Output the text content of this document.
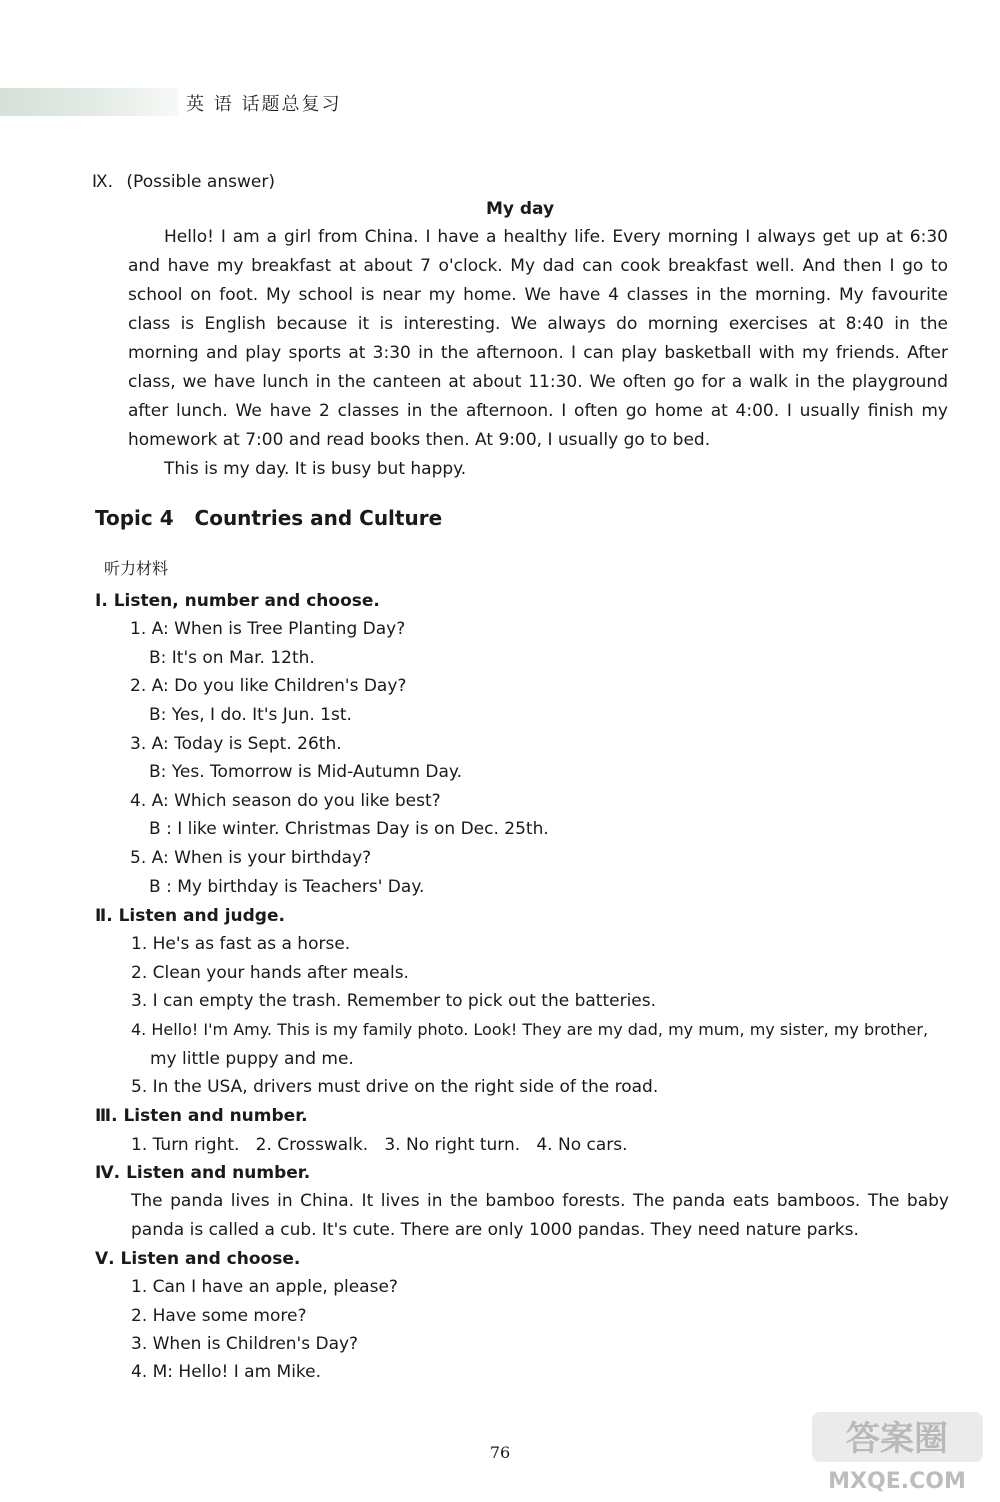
英 语 话题总复习
Ⅸ. (Possible answer)
My day
Hello! I am a girl from China. I have a healthy life. Every morning I always get up at 6:30 and have my breakfast at about 7 o'clock. My dad can cook breakfast well. And then I go to school on foot. My school is near my home. We have 4 classes in the morning. My favourite class is English because it is interesting. We always do morning exercises at 8:40 in the morning and play sports at 3:30 in the afternoon. I can play basketball with my friends. After class, we have lunch in the canteen at about 11:30. We often go for a walk in the playground after lunch. We have 2 classes in the afternoon. I often go home at 4:00. I usually finish my homework at 7:00 and read books then. At 9:00, I usually go to bed.
This is my day. It is busy but happy.
Topic 4   Countries and Culture
听力材料
Ⅰ. Listen, number and choose.
1. A: When is Tree Planting Day?
B: It's on Mar. 12th.
2. A: Do you like Children's Day?
B: Yes, I do. It's Jun. 1st.
3. A: Today is Sept. 26th.
B: Yes. Tomorrow is Mid-Autumn Day.
4. A: Which season do you like best?
B : I like winter. Christmas Day is on Dec. 25th.
5. A: When is your birthday?
B : My birthday is Teachers' Day.
Ⅱ. Listen and judge.
1. He's as fast as a horse.
2. Clean your hands after meals.
3. I can empty the trash. Remember to pick out the batteries.
4. Hello! I'm Amy. This is my family photo. Look! They are my dad, my mum, my sister, my brother,
my little puppy and me.
5. In the USA, drivers must drive on the right side of the road.
Ⅲ. Listen and number.
1. Turn right.   2. Crosswalk.   3. No right turn.   4. No cars.
Ⅳ. Listen and number.
The panda lives in China. It lives in the bamboo forests. The panda eats bamboos. The baby panda is called a cub. It's cute. There are only 1000 pandas. They need nature parks.
Ⅴ. Listen and choose.
1. Can I have an apple, please?
2. Have some more?
3. When is Children's Day?
4. M: Hello! I am Mike.
76	答案圈
MXQE.COM
